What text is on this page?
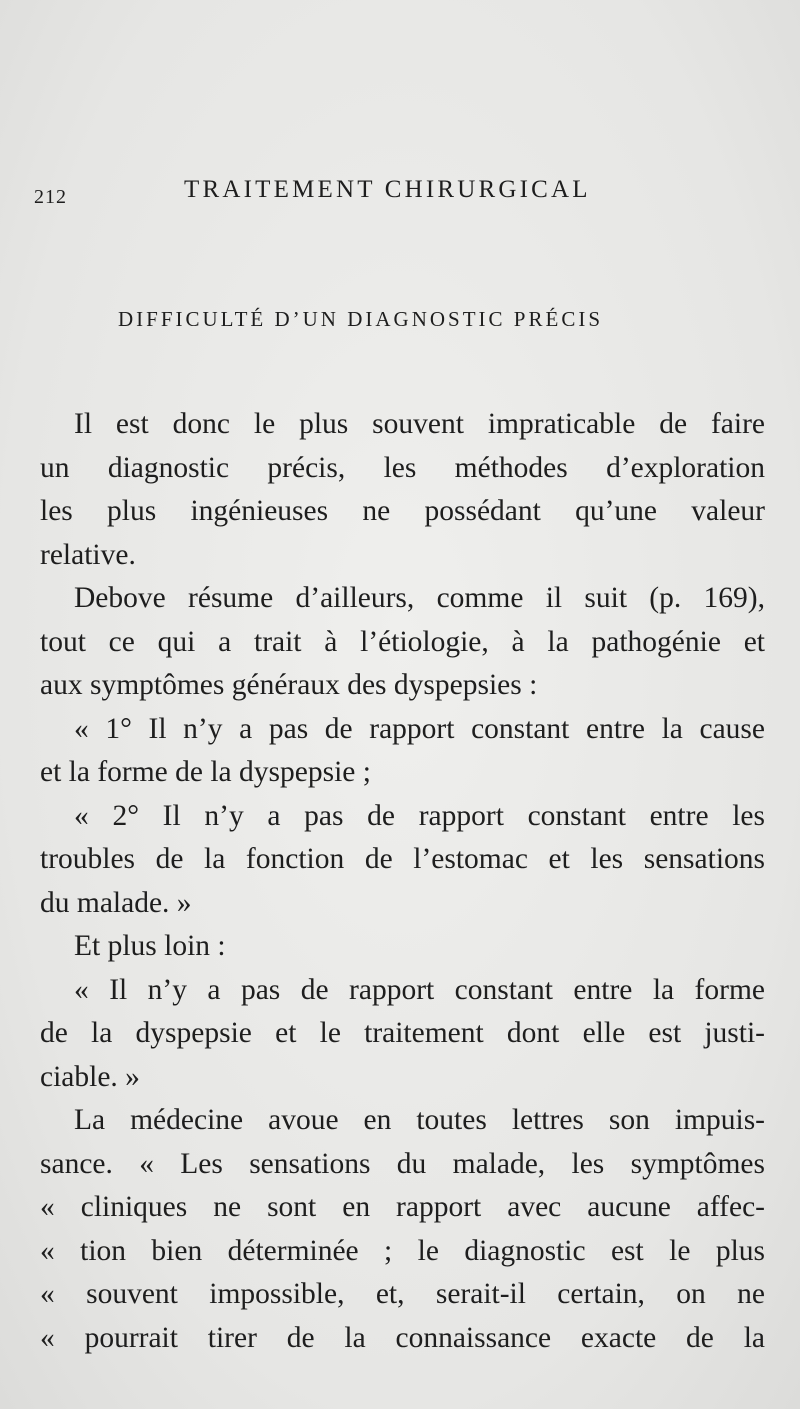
212	TRAITEMENT CHIRURGICAL
DIFFICULTÉ D’UN DIAGNOSTIC PRÉCIS
Il est donc le plus souvent impraticable de faire
un diagnostic précis, les méthodes d’exploration
les plus ingénieuses ne possédant qu’une valeur
relative.
Debove résume d’ailleurs, comme il suit (p. 169),
tout ce qui a trait à l’étiologie, à la pathogénie et
aux symptômes généraux des dyspepsies :
« 1° Il n’y a pas de rapport constant entre la cause
et la forme de la dyspepsie ;
« 2° Il n’y a pas de rapport constant entre les
troubles de la fonction de l’estomac et les sensations
du malade. »
Et plus loin :
« Il n’y a pas de rapport constant entre la forme
de la dyspepsie et le traitement dont elle est justi-
ciable. »
La médecine avoue en toutes lettres son impuis-
sance. « Les sensations du malade, les symptômes
« cliniques ne sont en rapport avec aucune affec-
« tion bien déterminée ; le diagnostic est le plus
« souvent impossible, et, serait-il certain, on ne
« pourrait tirer de la connaissance exacte de la
